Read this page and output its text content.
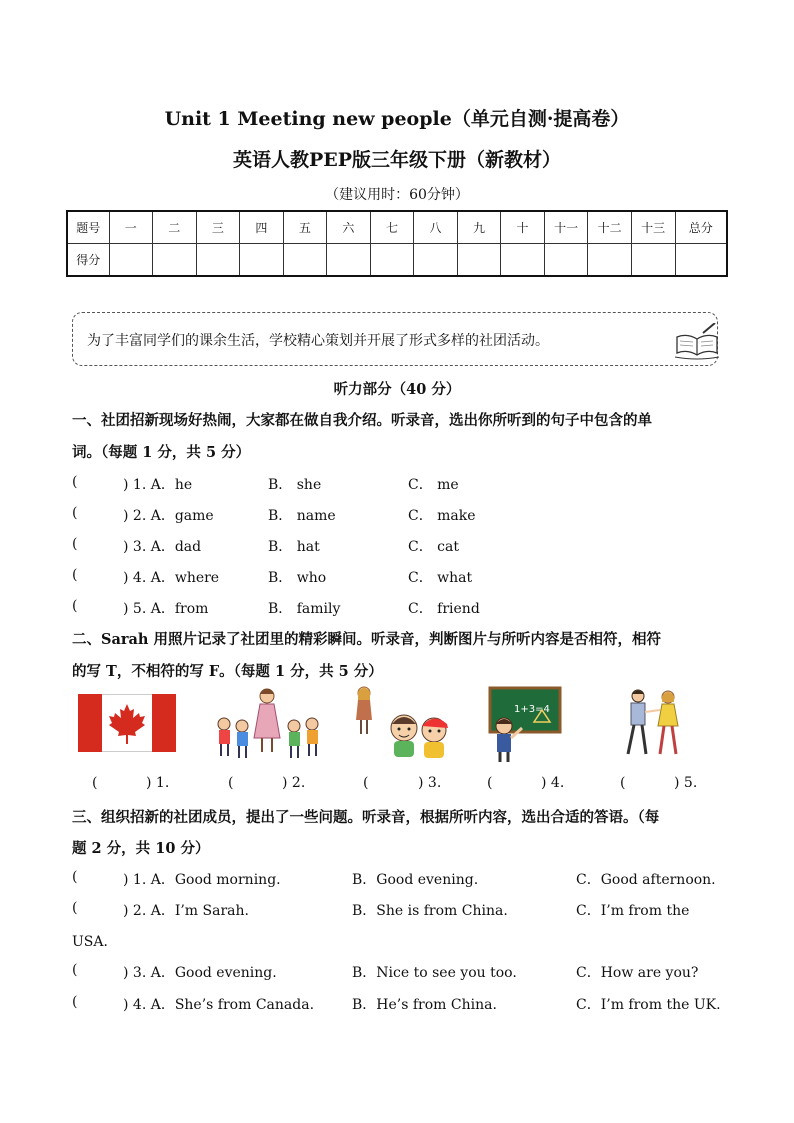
Unit 1 Meeting new people（单元自测·提高卷）
英语人教PEP版三年级下册（新教材）
（建议用时：60分钟）
题号	一	二	三	四	五	六	七	八	九	十	十一	十二	十三	总分
得分														
为了丰富同学们的课余生活，学校精心策划并开展了形式多样的社团活动。
听力部分（40 分）
一、社团招新现场好热闹，大家都在做自我介绍。听录音，选出你所听到的句子中包含的单
词。（每题 1 分，共 5 分）
(	) 1. A．he	B． she	C． me
(	) 2. A．game	B． name	C． make
(	) 3. A．dad	B． hat	C． cat
(	) 4. A．where	B． who	C． what
(	) 5. A．from	B． family	C． friend
二、Sarah 用照片记录了社团里的精彩瞬间。听录音，判断图片与所听内容是否相符，相符
的写 T，不相符的写 F。（每题 1 分，共 5 分）
1+3=4
(	) 1.	(	) 2.	(	) 3.	(	) 4.	(	) 5.
三、组织招新的社团成员，提出了一些问题。听录音，根据所听内容，选出合适的答语。（每
题 2 分，共 10 分）
(	) 1. A．Good morning.	B．Good evening.	C．Good afternoon.
(	) 2. A．I’m Sarah.	B．She is from China.	C．I’m from the
USA．
(	) 3. A．Good evening.	B．Nice to see you too.	C．How are you?
(	) 4. A．She’s from Canada.	B．He’s from China.	C．I’m from the UK.
